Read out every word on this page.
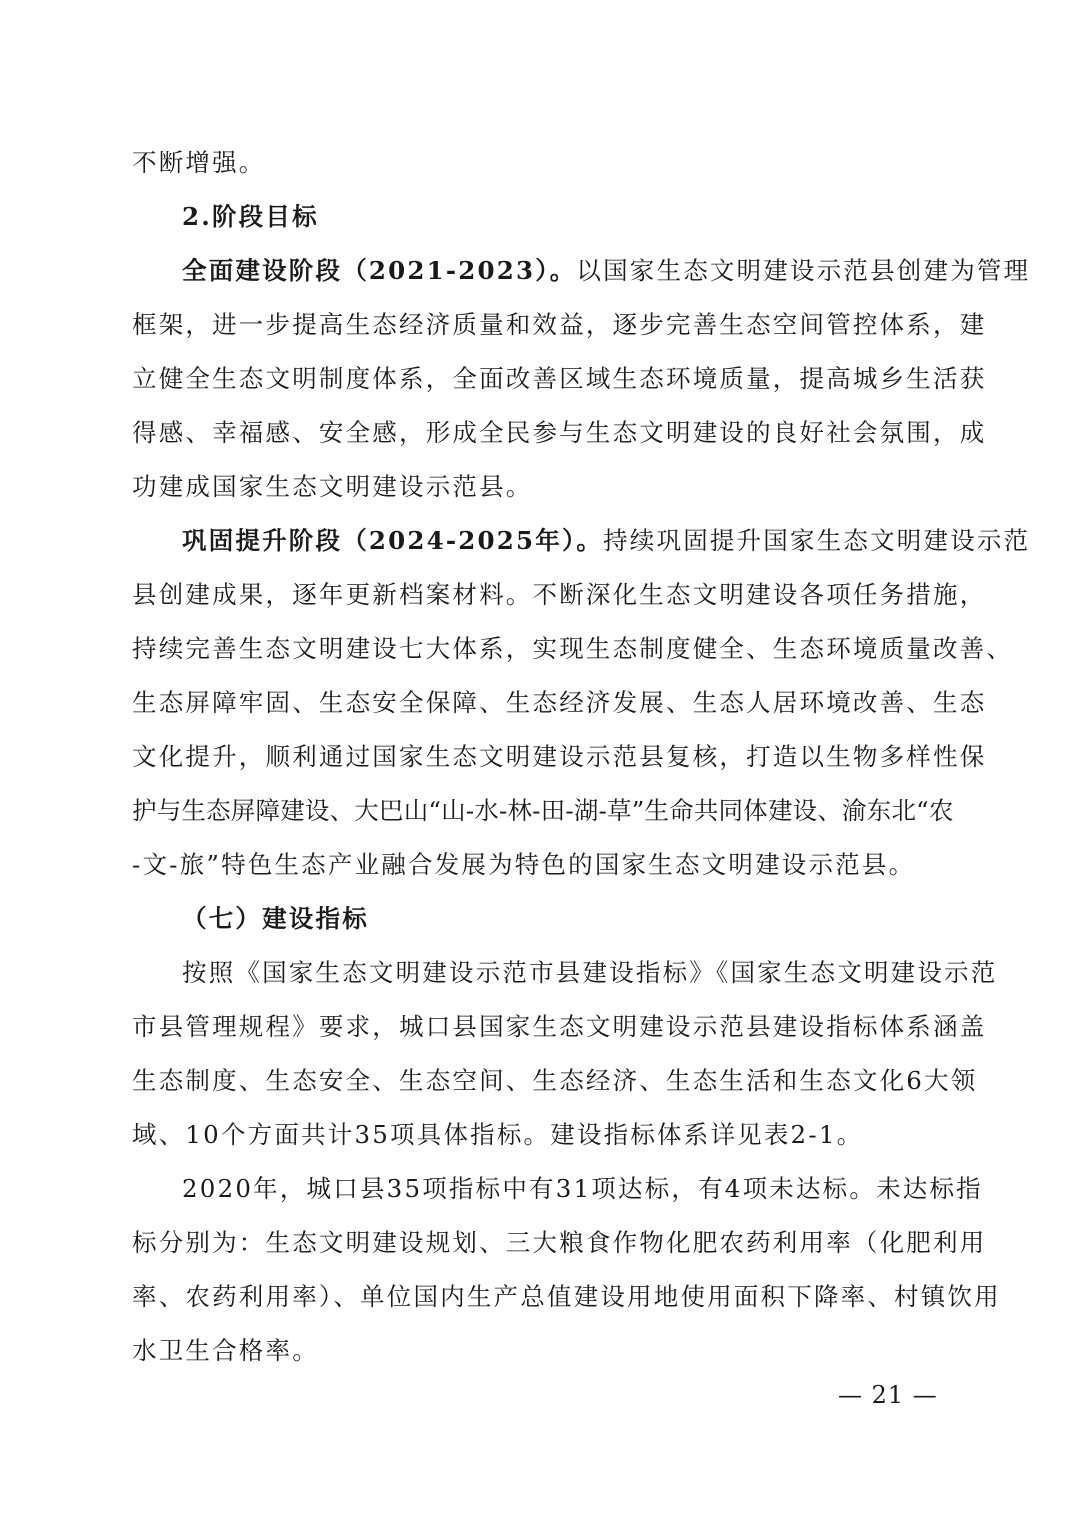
不断增强。
2.阶段目标
全面建设阶段（2021-2023）。以国家生态文明建设示范县创建为管理
框架，进一步提高生态经济质量和效益，逐步完善生态空间管控体系，建
立健全生态文明制度体系，全面改善区域生态环境质量，提高城乡生活获
得感、幸福感、安全感，形成全民参与生态文明建设的良好社会氛围，成
功建成国家生态文明建设示范县。
巩固提升阶段（2024-2025年）。持续巩固提升国家生态文明建设示范
县创建成果，逐年更新档案材料。不断深化生态文明建设各项任务措施，
持续完善生态文明建设七大体系，实现生态制度健全、生态环境质量改善、
生态屏障牢固、生态安全保障、生态经济发展、生态人居环境改善、生态
文化提升，顺利通过国家生态文明建设示范县复核，打造以生物多样性保
护与生态屏障建设、大巴山“山-水-林-田-湖-草”生命共同体建设、渝东北“农
-文-旅”特色生态产业融合发展为特色的国家生态文明建设示范县。
（七）建设指标
按照《国家生态文明建设示范市县建设指标》《国家生态文明建设示范
市县管理规程》要求，城口县国家生态文明建设示范县建设指标体系涵盖
生态制度、生态安全、生态空间、生态经济、生态生活和生态文化6大领
域、10个方面共计35项具体指标。建设指标体系详见表2-1。
2020年，城口县35项指标中有31项达标，有4项未达标。未达标指
标分别为：生态文明建设规划、三大粮食作物化肥农药利用率（化肥利用
率、农药利用率）、单位国内生产总值建设用地使用面积下降率、村镇饮用
水卫生合格率。
— 21 —
